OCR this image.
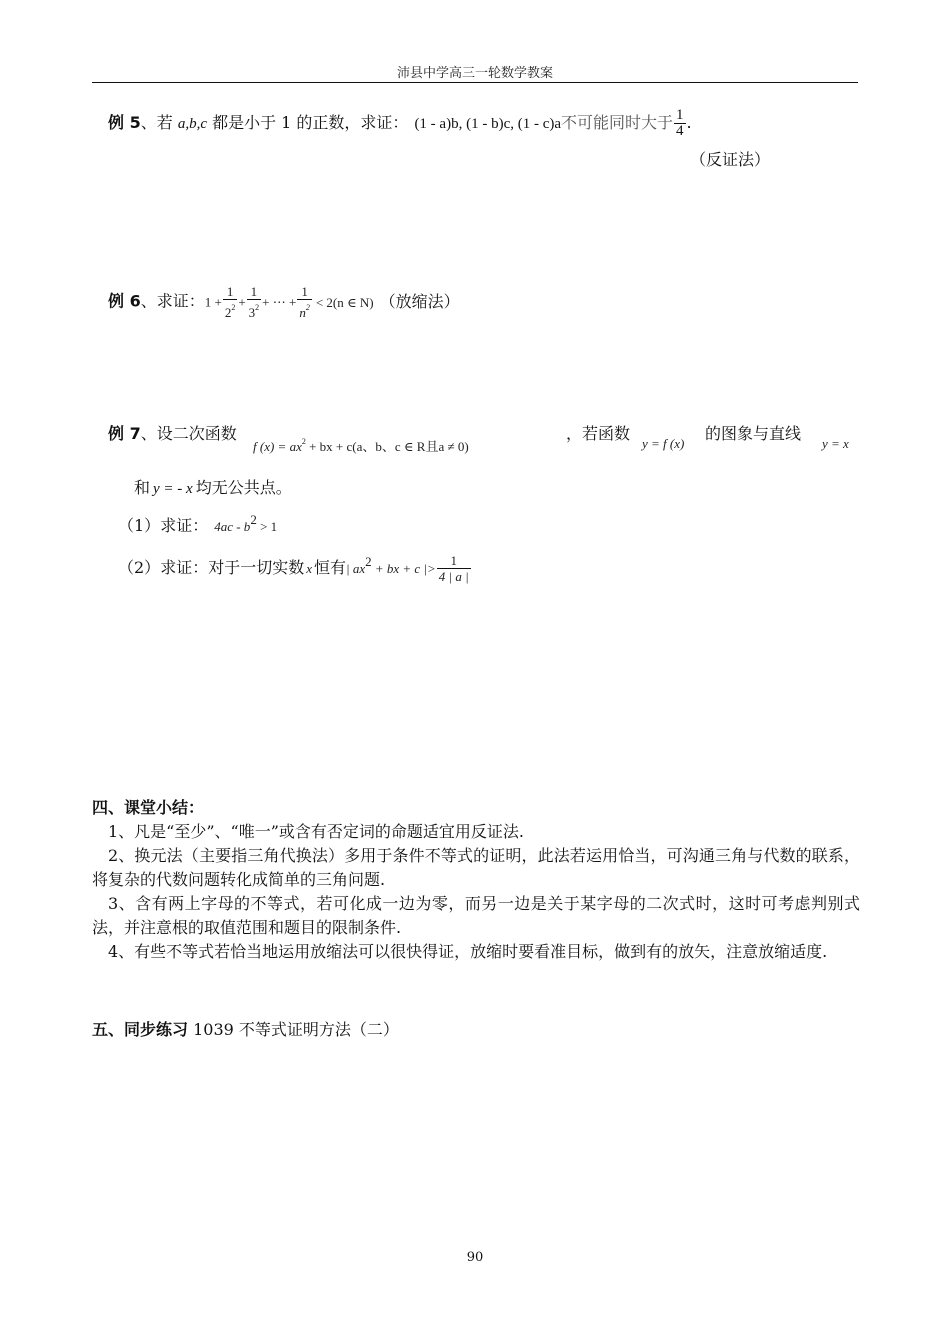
沛县中学高三一轮数学教案
例 5、若 a,b,c 都是小于 1 的正数，求证： (1 - a)b, (1 - b)c, (1 - c)a不可能同时大于 $\frac{1}{4}$ .
（反证法）
例 6、求证：$1 + \frac{1}{2^2} + \frac{1}{3^2}$ + ⋯ + $\frac{1}{n^2} < 2(n$ ∈ N) （放缩法）
例 7、设二次函数
f $(x) = ax^2$ + bx + c(a、b、c ∈ R且a ≠ 0)
，若函数
y = f (x)
的图象与直线
y = x
和 y = - x 均无公共点。
（1）求证： $4ac - b^2 > 1$
（2）求证：对于一切实数 x 恒有| $ax^2$ + bx + c |> $\frac{1}{4 | a |}$
四、课堂小结：
1、凡是“至少”、“唯一”或含有否定词的命题适宜用反证法.
2、换元法（主要指三角代换法）多用于条件不等式的证明，此法若运用恰当，可沟通三角与代数的联系，将复杂的代数问题转化成简单的三角问题.
3、含有两上字母的不等式，若可化成一边为零，而另一边是关于某字母的二次式时，这时可考虑判别式法，并注意根的取值范围和题目的限制条件.
4、有些不等式若恰当地运用放缩法可以很快得证，放缩时要看准目标，做到有的放矢，注意放缩适度.
五、同步练习 1039 不等式证明方法（二）
90
